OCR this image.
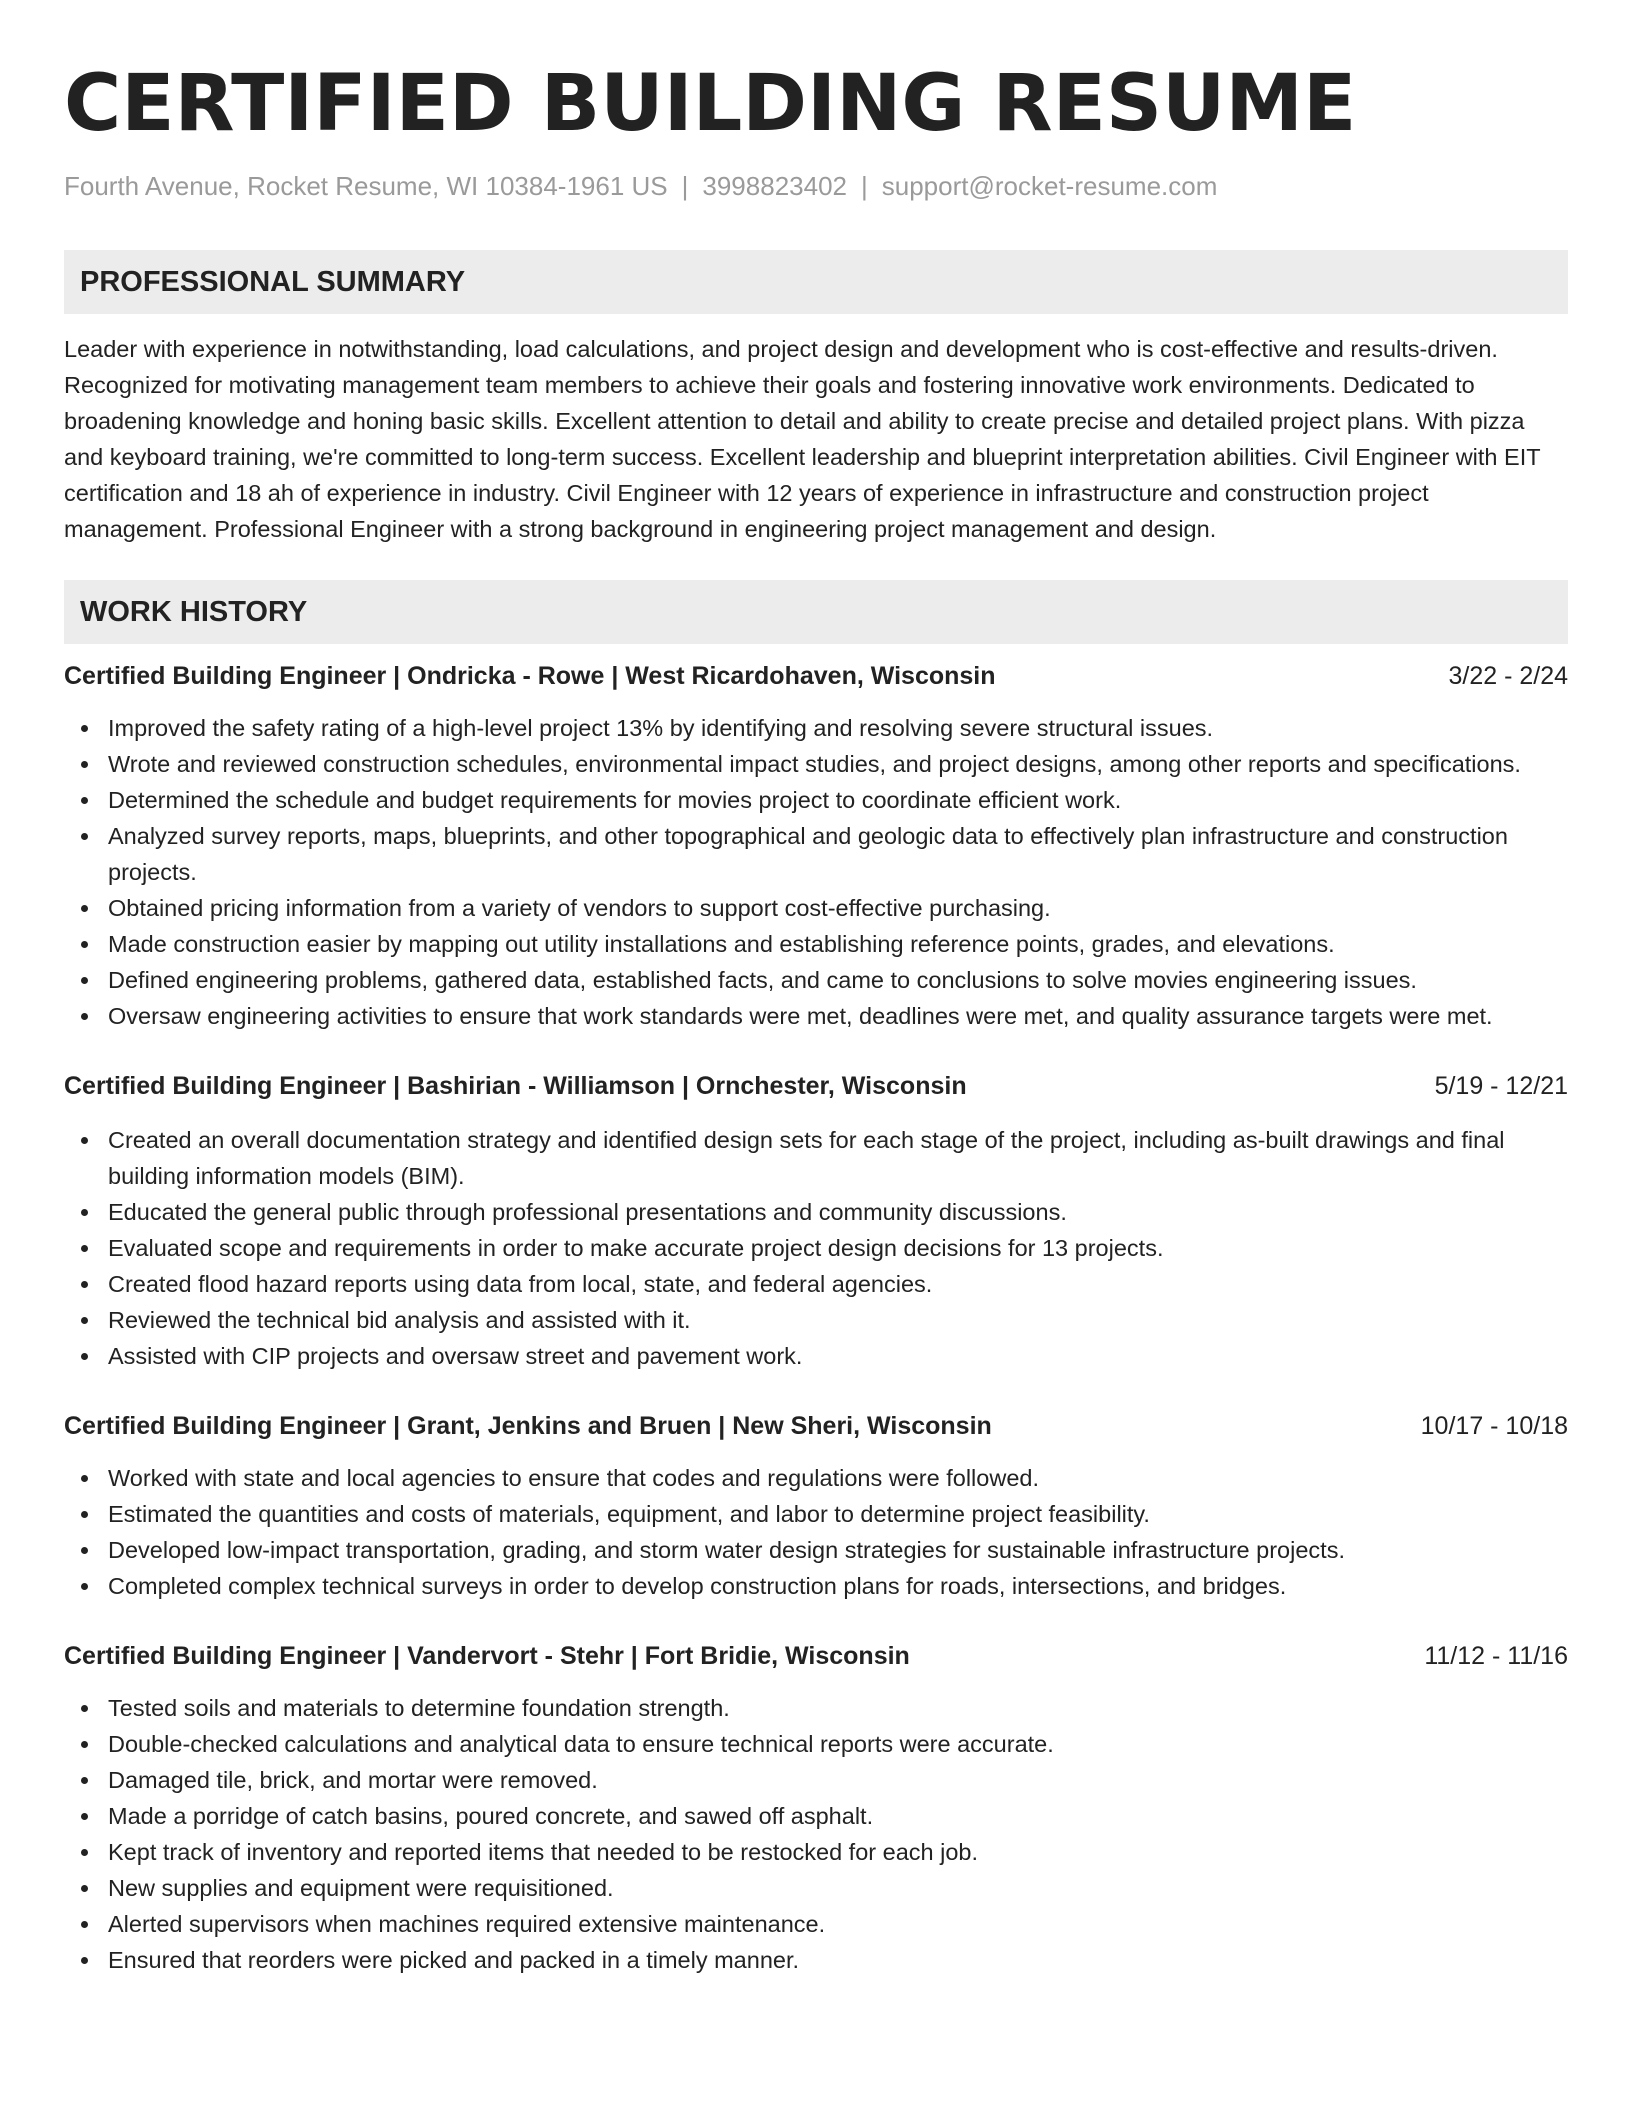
CERTIFIED BUILDING RESUME
Fourth Avenue, Rocket Resume, WI 10384-1961 US | 3998823402 | support@rocket-resume.com
PROFESSIONAL SUMMARY

Leader with experience in notwithstanding, load calculations, and project design and development who is cost-effective and results-driven. Recognized for motivating management team members to achieve their goals and fostering innovative work environments. Dedicated to broadening knowledge and honing basic skills. Excellent attention to detail and ability to create precise and detailed project plans. With pizza and keyboard training, we're committed to long-term success. Excellent leadership and blueprint interpretation abilities. Civil Engineer with EIT certification and 18 ah of experience in industry. Civil Engineer with 12 years of experience in infrastructure and construction project management. Professional Engineer with a strong background in engineering project management and design.

WORK HISTORY
Certified Building Engineer | Ondricka - Rowe | West Ricardohaven, Wisconsin	3/22 - 2/24
Improved the safety rating of a high-level project 13% by identifying and resolving severe structural issues.
Wrote and reviewed construction schedules, environmental impact studies, and project designs, among other reports and specifications.
Determined the schedule and budget requirements for movies project to coordinate efficient work.
Analyzed survey reports, maps, blueprints, and other topographical and geologic data to effectively plan infrastructure and construction projects.
Obtained pricing information from a variety of vendors to support cost-effective purchasing.
Made construction easier by mapping out utility installations and establishing reference points, grades, and elevations.
Defined engineering problems, gathered data, established facts, and came to conclusions to solve movies engineering issues.
Oversaw engineering activities to ensure that work standards were met, deadlines were met, and quality assurance targets were met.
Certified Building Engineer | Bashirian - Williamson | Ornchester, Wisconsin	5/19 - 12/21
Created an overall documentation strategy and identified design sets for each stage of the project, including as-built drawings and final building information models (BIM).
Educated the general public through professional presentations and community discussions.
Evaluated scope and requirements in order to make accurate project design decisions for 13 projects.
Created flood hazard reports using data from local, state, and federal agencies.
Reviewed the technical bid analysis and assisted with it.
Assisted with CIP projects and oversaw street and pavement work.
Certified Building Engineer | Grant, Jenkins and Bruen | New Sheri, Wisconsin	10/17 - 10/18
Worked with state and local agencies to ensure that codes and regulations were followed.
Estimated the quantities and costs of materials, equipment, and labor to determine project feasibility.
Developed low-impact transportation, grading, and storm water design strategies for sustainable infrastructure projects.
Completed complex technical surveys in order to develop construction plans for roads, intersections, and bridges.
Certified Building Engineer | Vandervort - Stehr | Fort Bridie, Wisconsin	11/12 - 11/16
Tested soils and materials to determine foundation strength.
Double-checked calculations and analytical data to ensure technical reports were accurate.
Damaged tile, brick, and mortar were removed.
Made a porridge of catch basins, poured concrete, and sawed off asphalt.
Kept track of inventory and reported items that needed to be restocked for each job.
New supplies and equipment were requisitioned.
Alerted supervisors when machines required extensive maintenance.
Ensured that reorders were picked and packed in a timely manner.
